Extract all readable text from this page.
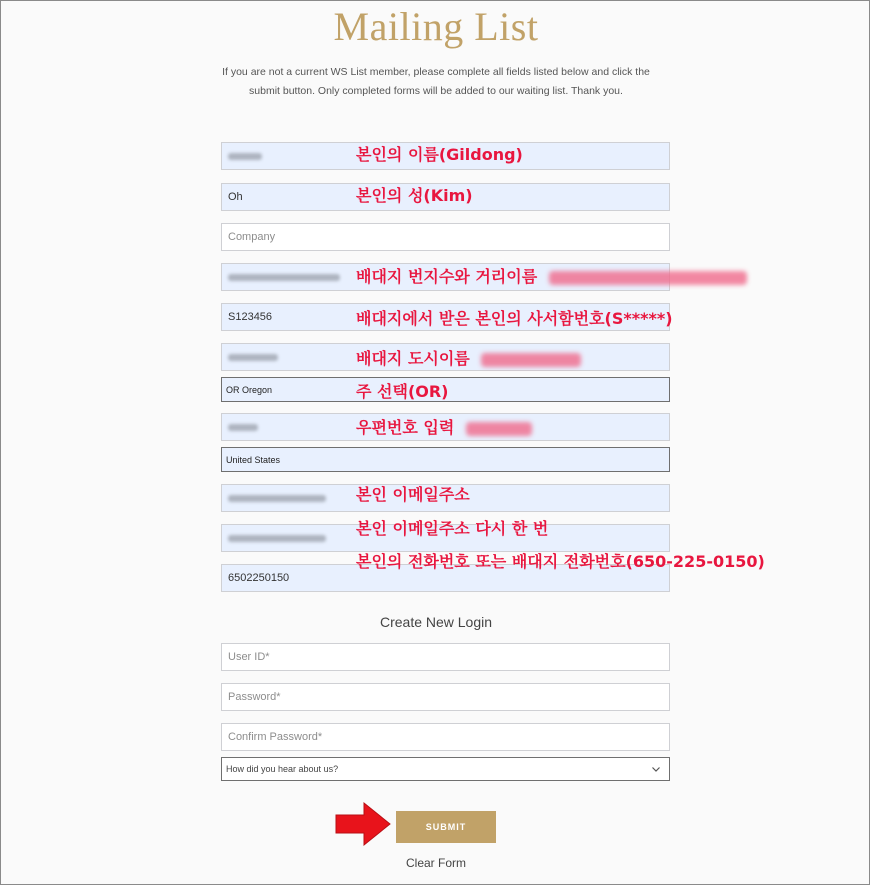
Mailing List
If you are not a current WS List member, please complete all fields listed below and click the
submit button. Only completed forms will be added to our waiting list. Thank you.
본인의 이름(Gildong)
Oh	본인의 성(Kim)
Company
배대지 번지수와 거리이름
S123456	배대지에서 받은 본인의 사서함번호(S*****)
배대지 도시이름
OR Oregon	주 선택(OR)
우편번호 입력
United States
본인 이메일주소
본인 이메일주소 다시 한 번
6502250150
본인의 전화번호 또는 배대지 전화번호(650-225-0150)
Create New Login
User ID*
Password*
Confirm Password*
How did you hear about us?
SUBMIT
Clear Form
